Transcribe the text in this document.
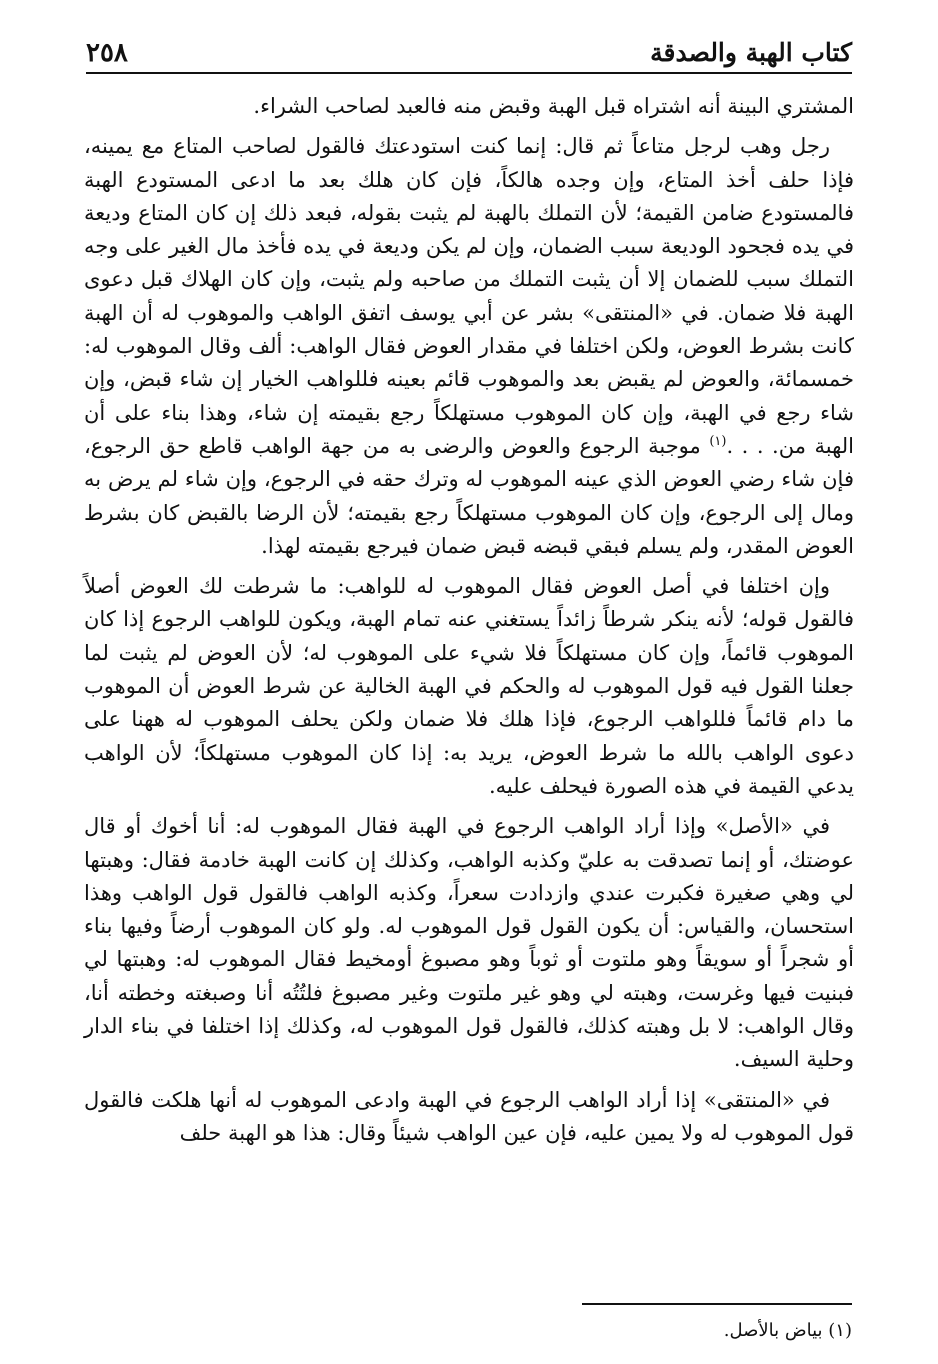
كتاب الهبة والصدقة
٢٥٨

المشتري البينة أنه اشتراه قبل الهبة وقبض منه فالعبد لصاحب الشراء.

رجل وهب لرجل متاعاً ثم قال: إنما كنت استودعتك فالقول لصاحب المتاع مع يمينه، فإذا حلف أخذ المتاع، وإن وجده هالكاً، فإن كان هلك بعد ما ادعى المستودع الهبة فالمستودع ضامن القيمة؛ لأن التملك بالهبة لم يثبت بقوله، فبعد ذلك إن كان المتاع وديعة في يده فجحود الوديعة سبب الضمان، وإن لم يكن وديعة في يده فأخذ مال الغير على وجه التملك سبب للضمان إلا أن يثبت التملك من صاحبه ولم يثبت، وإن كان الهلاك قبل دعوى الهبة فلا ضمان. في «المنتقى» بشر عن أبي يوسف اتفق الواهب والموهوب له أن الهبة كانت بشرط العوض، ولكن اختلفا في مقدار العوض فقال الواهب: ألف وقال الموهوب له: خمسمائة، والعوض لم يقبض بعد والموهوب قائم بعينه فللواهب الخيار إن شاء قبض، وإن شاء رجع في الهبة، وإن كان الموهوب مستهلكاً رجع بقيمته إن شاء، وهذا بناء على أن الهبة من. . . .$^{(١)}$ موجبة الرجوع والعوض والرضى به من جهة الواهب قاطع حق الرجوع، فإن شاء رضي العوض الذي عينه الموهوب له وترك حقه في الرجوع، وإن شاء لم يرض به ومال إلى الرجوع، وإن كان الموهوب مستهلكاً رجع بقيمته؛ لأن الرضا بالقبض كان بشرط العوض المقدر، ولم يسلم فبقي قبضه قبض ضمان فيرجع بقيمته لهذا.

وإن اختلفا في أصل العوض فقال الموهوب له للواهب: ما شرطت لك العوض أصلاً فالقول قوله؛ لأنه ينكر شرطاً زائداً يستغني عنه تمام الهبة، ويكون للواهب الرجوع إذا كان الموهوب قائماً، وإن كان مستهلكاً فلا شيء على الموهوب له؛ لأن العوض لم يثبت لما جعلنا القول فيه قول الموهوب له والحكم في الهبة الخالية عن شرط العوض أن الموهوب ما دام قائماً فللواهب الرجوع، فإذا هلك فلا ضمان ولكن يحلف الموهوب له ههنا على دعوى الواهب بالله ما شرط العوض، يريد به: إذا كان الموهوب مستهلكاً؛ لأن الواهب يدعي القيمة في هذه الصورة فيحلف عليه.

في «الأصل» وإذا أراد الواهب الرجوع في الهبة فقال الموهوب له: أنا أخوك أو قال عوضتك، أو إنما تصدقت به عليّ وكذبه الواهب، وكذلك إن كانت الهبة خادمة فقال: وهبتها لي وهي صغيرة فكبرت عندي وازدادت سعراً، وكذبه الواهب فالقول قول الواهب وهذا استحسان، والقياس: أن يكون القول قول الموهوب له. ولو كان الموهوب أرضاً وفيها بناء أو شجراً أو سويقاً وهو ملتوت أو ثوباً وهو مصبوغ أومخيط فقال الموهوب له: وهبتها لي فبنيت فيها وغرست، وهبته لي وهو غير ملتوت وغير مصبوغ فلتُتُه أنا وصبغته وخطته أنا، وقال الواهب: لا بل وهبته كذلك، فالقول قول الموهوب له، وكذلك إذا اختلفا في بناء الدار وحلية السيف.

في «المنتقى» إذا أراد الواهب الرجوع في الهبة وادعى الموهوب له أنها هلكت فالقول قول الموهوب له ولا يمين عليه، فإن عين الواهب شيئاً وقال: هذا هو الهبة حلف

(١) بياض بالأصل.
